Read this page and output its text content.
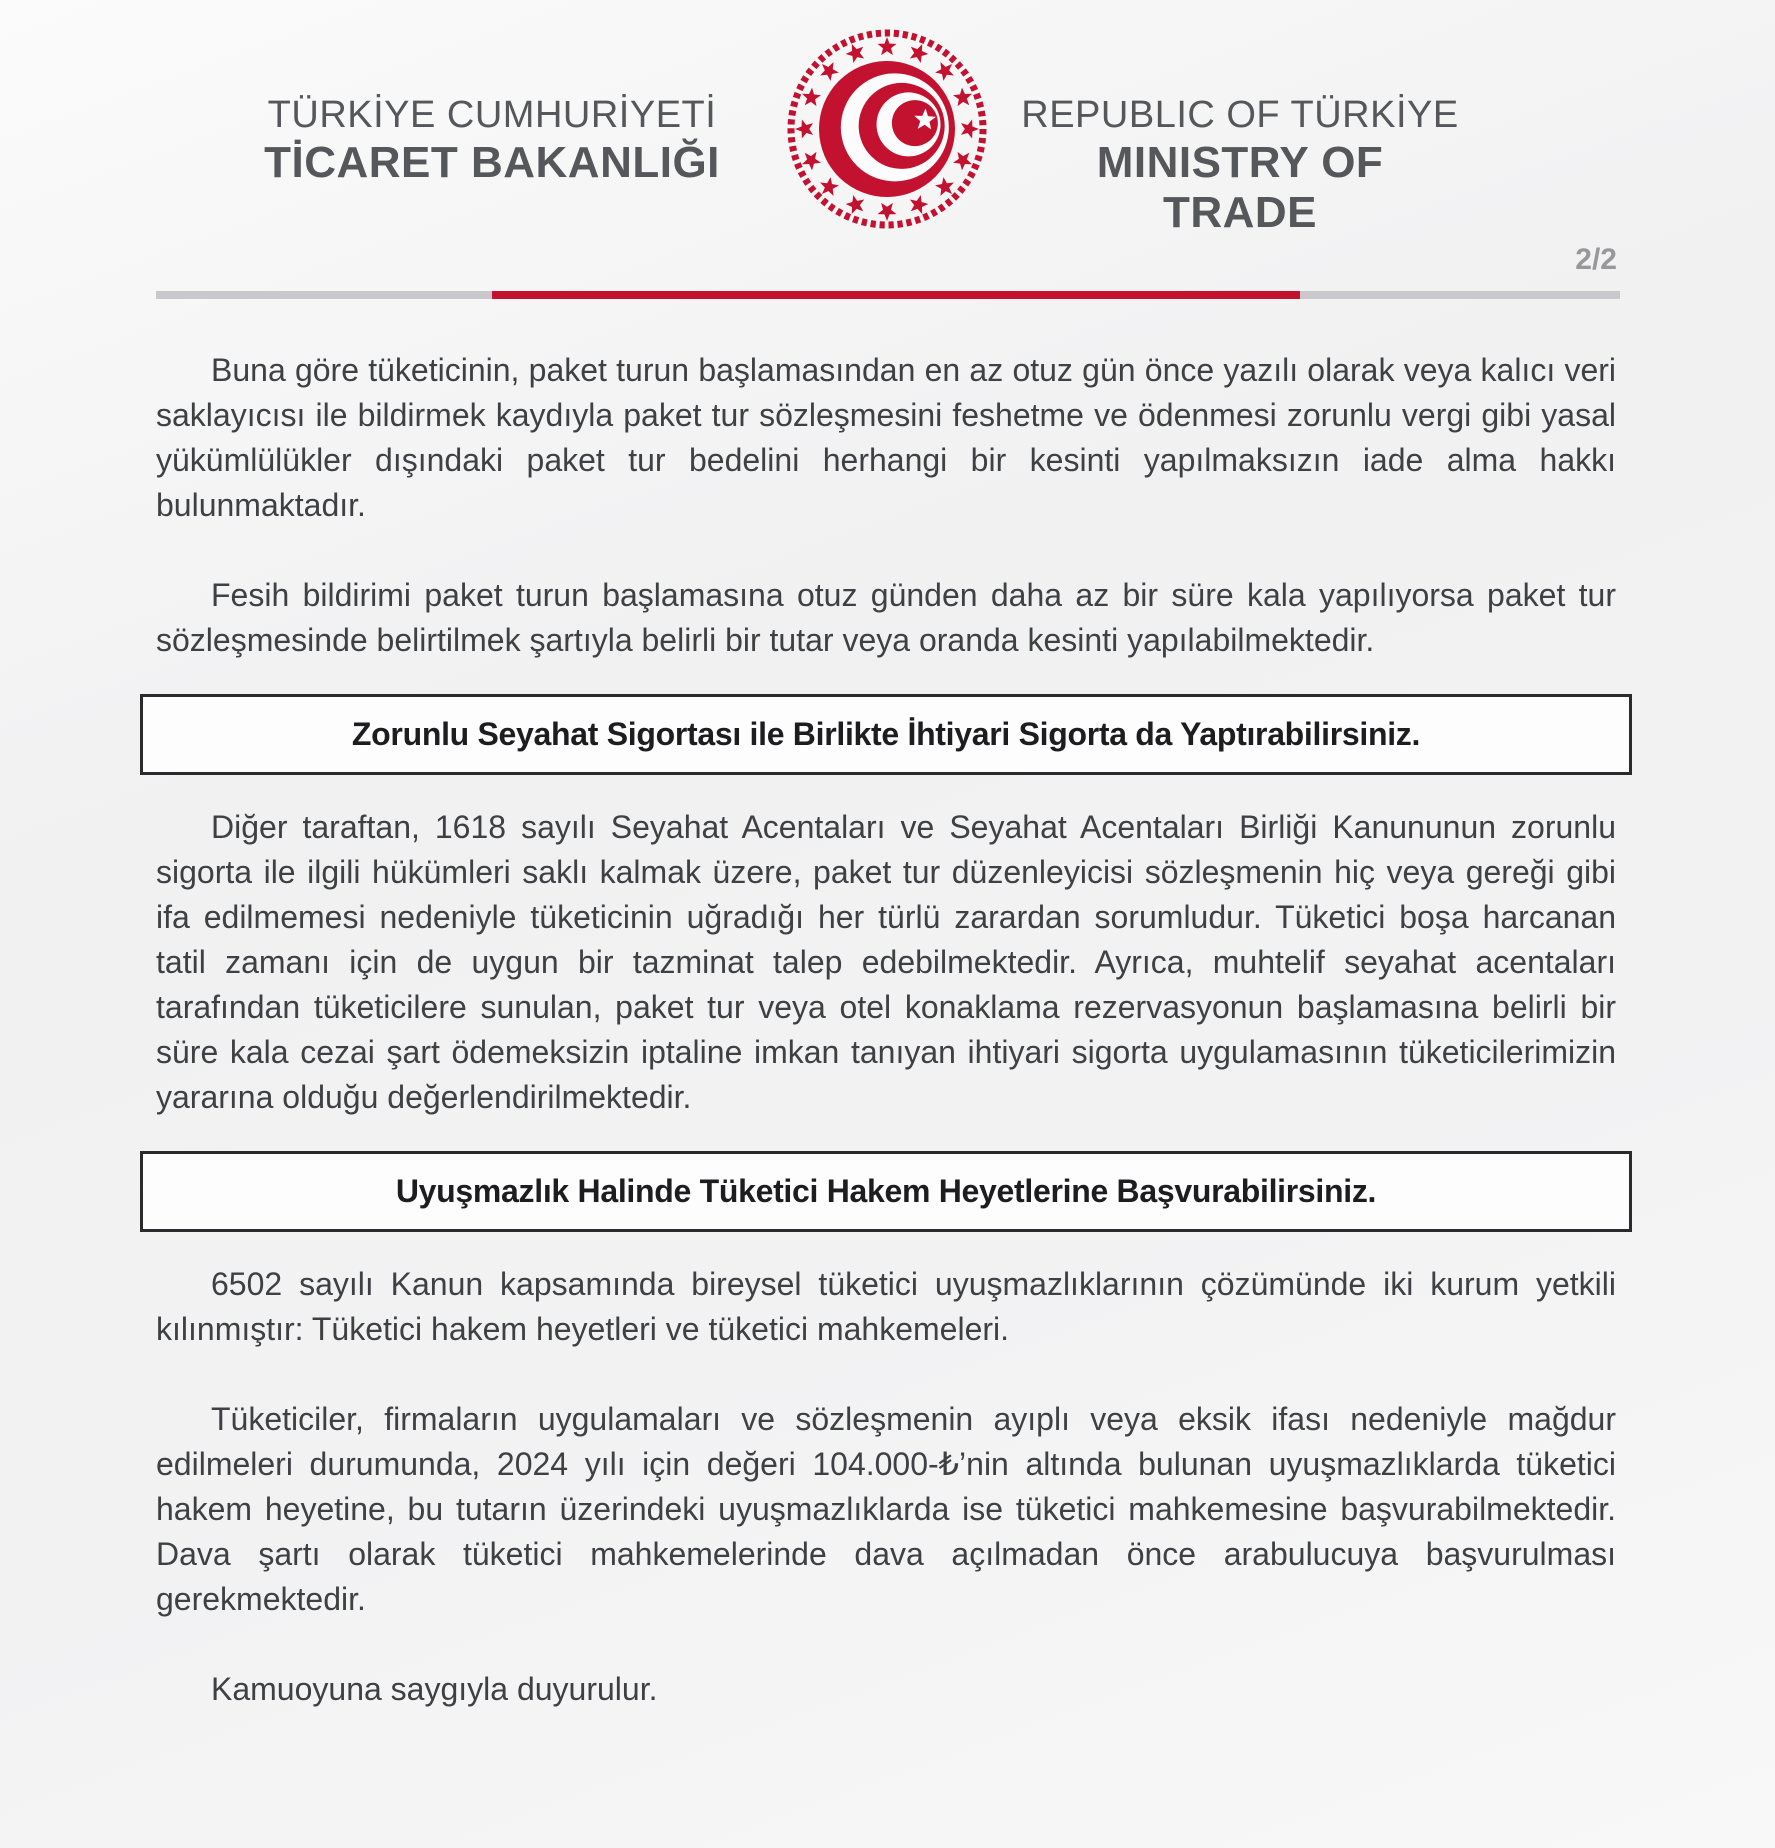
TÜRKİYE CUMHURİYETİ
TİCARET BAKANLIĞI
REPUBLIC OF TÜRKİYE
MINISTRY OF TRADE
2/2

Buna göre tüketicinin, paket turun başlamasından en az otuz gün önce yazılı olarak veya kalıcı veri saklayıcısı ile bildirmek kaydıyla paket tur sözleşmesini feshetme ve ödenmesi zorunlu vergi gibi yasal yükümlülükler dışındaki paket tur bedelini herhangi bir kesinti yapılmaksızın iade alma hakkı bulunmaktadır.

Fesih bildirimi paket turun başlamasına otuz günden daha az bir süre kala yapılıyorsa paket tur sözleşmesinde belirtilmek şartıyla belirli bir tutar veya oranda kesinti yapılabilmektedir.

Zorunlu Seyahat Sigortası ile Birlikte İhtiyari Sigorta da Yaptırabilirsiniz.

Diğer taraftan, 1618 sayılı Seyahat Acentaları ve Seyahat Acentaları Birliği Kanununun zorunlu sigorta ile ilgili hükümleri saklı kalmak üzere, paket tur düzenleyicisi sözleşmenin hiç veya gereği gibi ifa edilmemesi nedeniyle tüketicinin uğradığı her türlü zarardan sorumludur. Tüketici boşa harcanan tatil zamanı için de uygun bir tazminat talep edebilmektedir. Ayrıca, muhtelif seyahat acentaları tarafından tüketicilere sunulan, paket tur veya otel konaklama rezervasyonun başlamasına belirli bir süre kala cezai şart ödemeksizin iptaline imkan tanıyan ihtiyari sigorta uygulamasının tüketicilerimizin yararına olduğu değerlendirilmektedir.

Uyuşmazlık Halinde Tüketici Hakem Heyetlerine Başvurabilirsiniz.

6502 sayılı Kanun kapsamında bireysel tüketici uyuşmazlıklarının çözümünde iki kurum yetkili kılınmıştır: Tüketici hakem heyetleri ve tüketici mahkemeleri.

Tüketiciler, firmaların uygulamaları ve sözleşmenin ayıplı veya eksik ifası nedeniyle mağdur edilmeleri durumunda, 2024 yılı için değeri 104.000-₺’nin altında bulunan uyuşmazlıklarda tüketici hakem heyetine, bu tutarın üzerindeki uyuşmazlıklarda ise tüketici mahkemesine başvurabilmektedir. Dava şartı olarak tüketici mahkemelerinde dava açılmadan önce arabulucuya başvurulması gerekmektedir.

Kamuoyuna saygıyla duyurulur.
